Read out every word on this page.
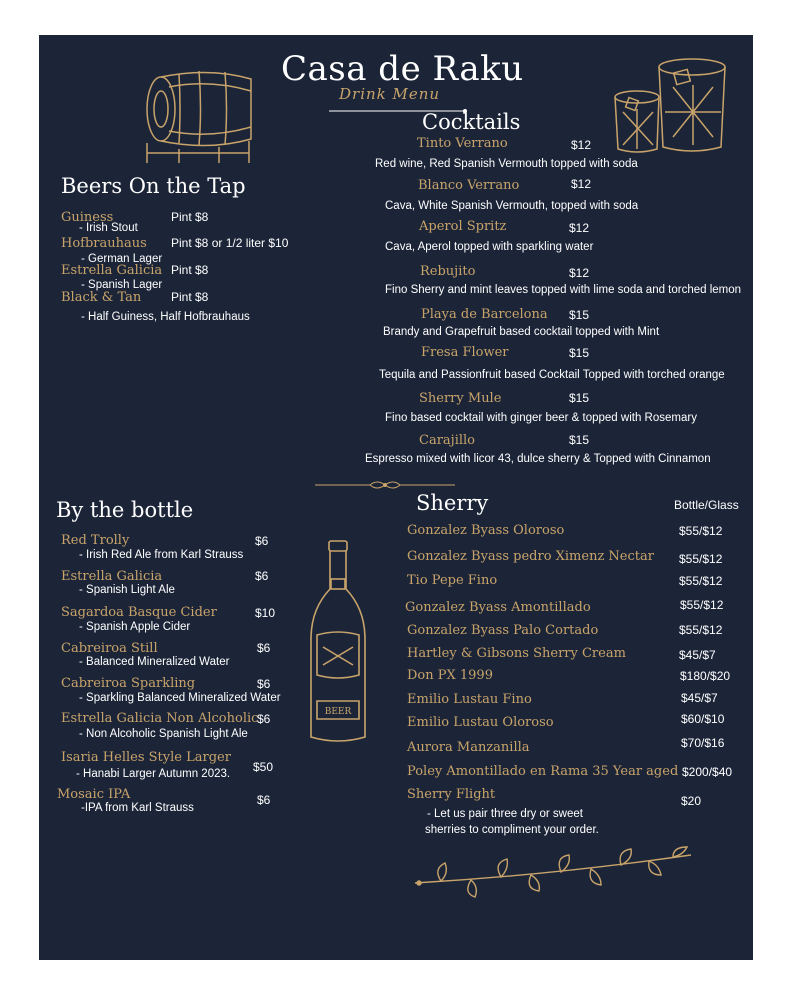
Casa de Raku
Drink Menu
Beers On the Tap
Guiness	Pint $8
- Irish Stout
Hofbrauhaus Pint $8 or 1/2 liter $10
- German Lager
Estrella Galicia Pint $8
- Spanish Lager
Black & Tan Pint $8
- Half Guiness, Half Hofbrauhaus
Cocktails
Tinto Verrano	$12
Red wine, Red Spanish Vermouth topped with soda
Blanco Verrano	$12
Cava, White Spanish Vermouth, topped with soda
Aperol Spritz	$12
Cava, Aperol topped with sparkling water
Rebujito	$12
Fino Sherry and mint leaves topped with lime soda and torched lemon
Playa de Barcelona $15
Brandy and Grapefruit based cocktail topped with Mint
Fresa Flower	$15
Tequila and Passionfruit based Cocktail Topped with torched orange
Sherry Mule	$15
Fino based cocktail with ginger beer & topped with Rosemary
Carajillo	$15
Espresso mixed with licor 43, dulce sherry & Topped with Cinnamon
By the bottle
Red Trolly	$6
- Irish Red Ale from Karl Strauss
Estrella Galicia	$6
- Spanish Light Ale
Sagardoa Basque Cider	$10
- Spanish Apple Cider
Cabreiroa Still	$6
- Balanced Mineralized Water
Cabreiroa Sparkling	$6
- Sparkling Balanced Mineralized Water
Estrella Galicia Non Alcoholic
$6
- Non Alcoholic Spanish Light Ale
Isaria Helles Style Larger
$50
- Hanabi Larger Autumn 2023.
Mosaic IPA	$6
-IPA from Karl Strauss
BEER
Sherry	Bottle/Glass
Gonzalez Byass Oloroso	$55/$12
Gonzalez Byass pedro Ximenz Nectar $55/$12
Tio Pepe Fino	$55/$12
Gonzalez Byass Amontillado	$55/$12
Gonzalez Byass Palo Cortado	$55/$12
Hartley & Gibsons Sherry Cream	$45/$7
Don PX 1999	$180/$20
Emilio Lustau Fino	$45/$7
Emilio Lustau Oloroso	$60/$10
Aurora Manzanilla	$70/$16
Poley Amontillado en Rama 35 Year aged $200/$40
Sherry Flight	$20
- Let us pair three dry or sweet
sherries to compliment your order.
